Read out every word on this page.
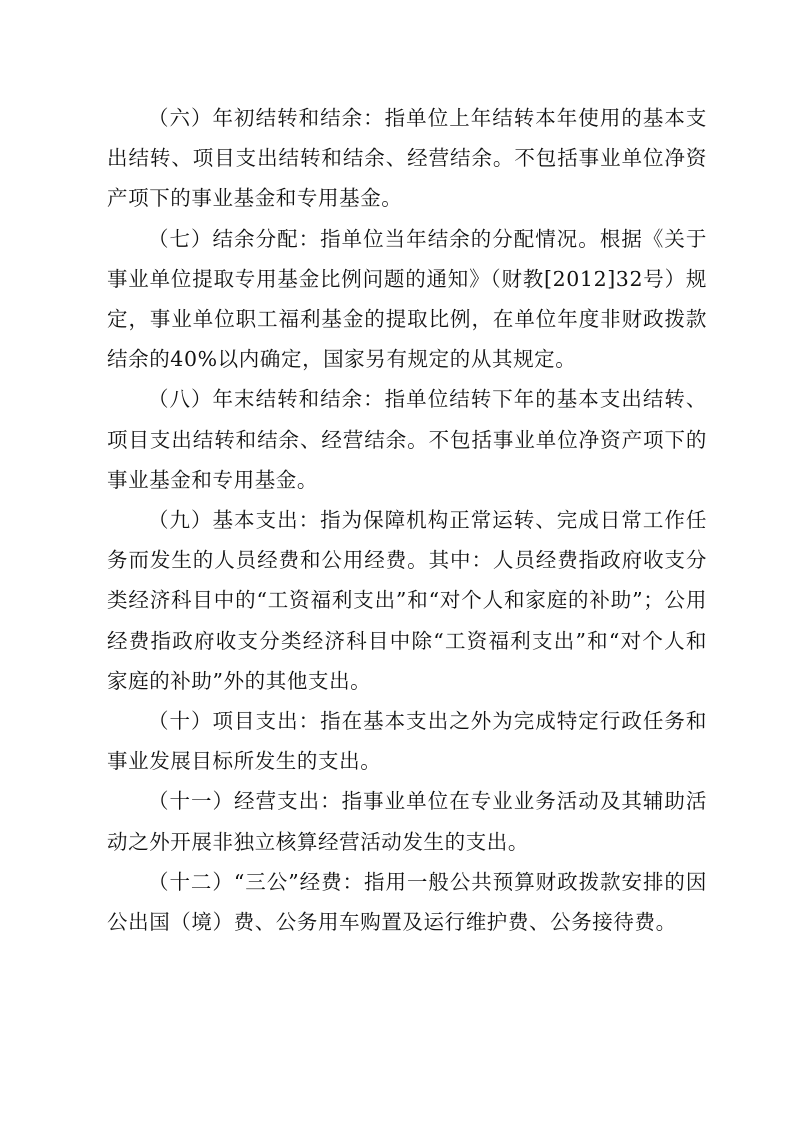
（六）年初结转和结余：指单位上年结转本年使用的基本支出结转、项目支出结转和结余、经营结余。不包括事业单位净资产项下的事业基金和专用基金。

（七）结余分配：指单位当年结余的分配情况。根据《关于事业单位提取专用基金比例问题的通知》（财教[2012]32号）规定，事业单位职工福利基金的提取比例，在单位年度非财政拨款结余的40%以内确定，国家另有规定的从其规定。

（八）年末结转和结余：指单位结转下年的基本支出结转、项目支出结转和结余、经营结余。不包括事业单位净资产项下的事业基金和专用基金。

（九）基本支出：指为保障机构正常运转、完成日常工作任务而发生的人员经费和公用经费。其中：人员经费指政府收支分类经济科目中的“工资福利支出”和“对个人和家庭的补助”；公用经费指政府收支分类经济科目中除“工资福利支出”和“对个人和家庭的补助”外的其他支出。

（十）项目支出：指在基本支出之外为完成特定行政任务和事业发展目标所发生的支出。

（十一）经营支出：指事业单位在专业业务活动及其辅助活动之外开展非独立核算经营活动发生的支出。

（十二）“三公”经费：指用一般公共预算财政拨款安排的因公出国（境）费、公务用车购置及运行维护费、公务接待费。
